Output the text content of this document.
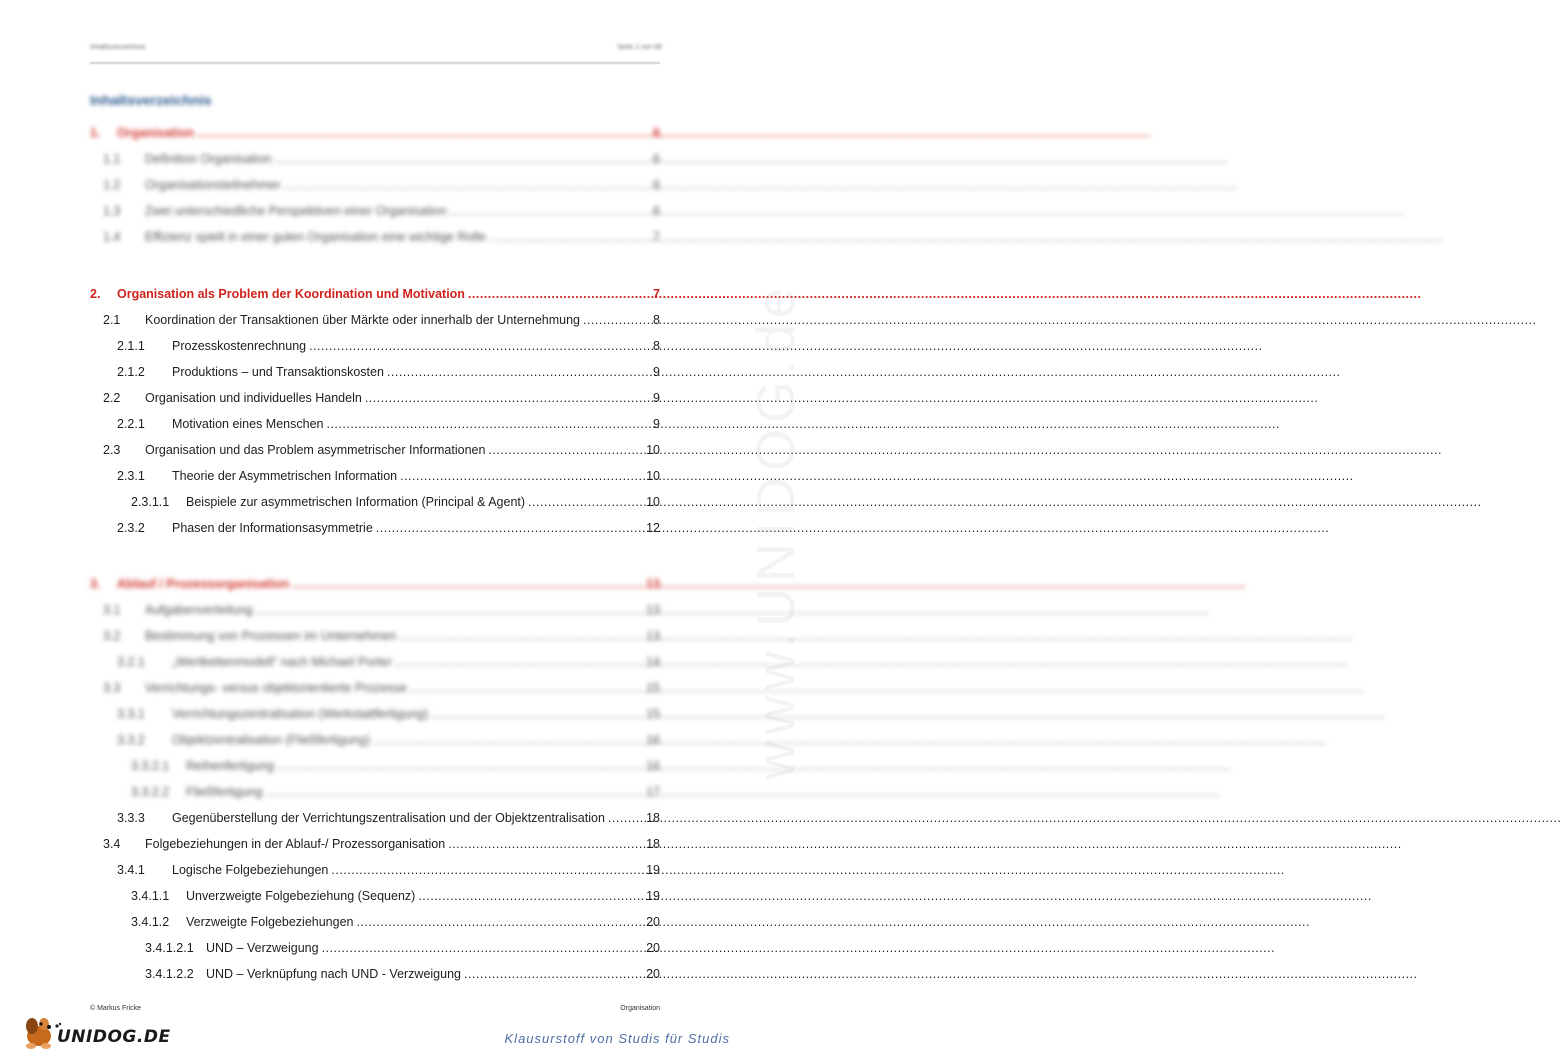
Inhaltsverzeichnis	Seite 2 von 66
Inhaltsverzeichnis
1.	Organisation .....	6
1.1	Definition Organisation .....	6
1.2	Organisationsteilnehmer .....	6
1.3	Zwei unterschiedliche Perspektiven einer Organisation .....	6
1.4	Effizienz spielt in einer guten Organisation eine wichtige Rolle .....	7
2.	Organisation als Problem der Koordination und Motivation .....	7
2.1	Koordination der Transaktionen über Märkte oder innerhalb der Unternehmung .....	8
2.1.1	Prozesskostenrechnung .....	8
2.1.2	Produktions – und Transaktionskosten .....	9
2.2	Organisation und individuelles Handeln .....	9
2.2.1	Motivation eines Menschen .....	9
2.3	Organisation und das Problem asymmetrischer Informationen .....	10
2.3.1	Theorie der Asymmetrischen Information .....	10
2.3.1.1	Beispiele zur asymmetrischen Information (Principal & Agent) .....	10
2.3.2	Phasen der Informationsasymmetrie .....	12
3.	Ablauf / Prozessorganisation .....	13
3.1	Aufgabenverteilung .....	13
3.2	Bestimmung von Prozessen im Unternehmen .....	13
3.2.1	„Wertkettenmodell“ nach Michael Porter .....	14
3.3	Verrichtungs- versus objektorientierte Prozesse .....	15
3.3.1	Verrichtungszentralisation (Werkstattfertigung) .....	15
3.3.2	Objektzentralisation (Fließfertigung) .....	16
3.3.2.1	Reihenfertigung .....	16
3.3.2.2	Fließfertigung .....	17
3.3.3	Gegenüberstellung der Verrichtungszentralisation und der Objektzentralisation .....	18
3.4	Folgebeziehungen in der Ablauf-/ Prozessorganisation .....	18
3.4.1	Logische Folgebeziehungen .....	19
3.4.1.1	Unverzweigte Folgebeziehung (Sequenz) .....	19
3.4.1.2	Verzweigte Folgebeziehungen .....	20
3.4.1.2.1 UND – Verzweigung .....	20
3.4.1.2.2 UND – Verknüpfung nach UND - Verzweigung .....	20
www.UNIDOG.de
© Markus Fricke	Organisation
UNIDOG.DE	Klausurstoff von Studis für Studis
